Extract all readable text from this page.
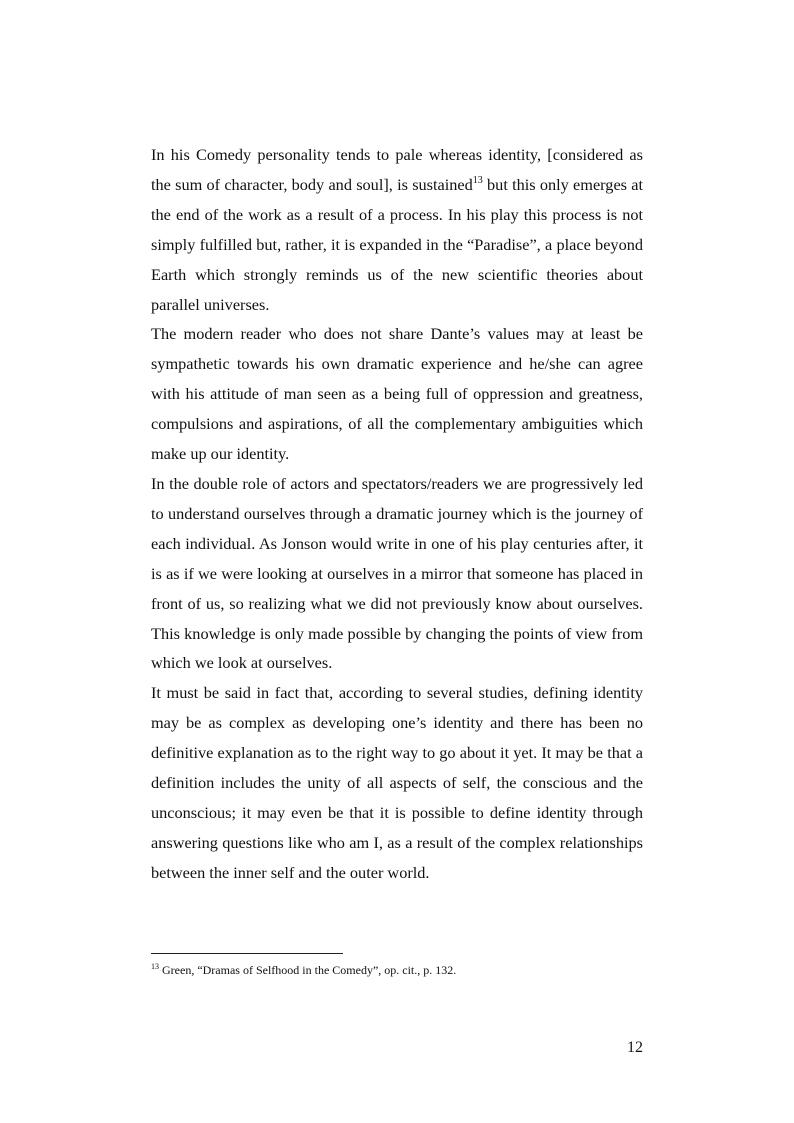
In his Comedy personality tends to pale whereas identity, [considered as the sum of character, body and soul], is sustained$^{13}$ but this only emerges at the end of the work as a result of a process. In his play this process is not simply fulfilled but, rather, it is expanded in the “Paradise”, a place beyond Earth which strongly reminds us of the new scientific theories about parallel universes.

The modern reader who does not share Dante’s values may at least be sympathetic towards his own dramatic experience and he/she can agree with his attitude of man seen as a being full of oppression and greatness, compulsions and aspirations, of all the complementary ambiguities which make up our identity.

In the double role of actors and spectators/readers we are progressively led to understand ourselves through a dramatic journey which is the journey of each individual. As Jonson would write in one of his play centuries after, it is as if we were looking at ourselves in a mirror that someone has placed in front of us, so realizing what we did not previously know about ourselves. This knowledge is only made possible by changing the points of view from which we look at ourselves.

It must be said in fact that, according to several studies, defining identity may be as complex as developing one’s identity and there has been no definitive explanation as to the right way to go about it yet. It may be that a definition includes the unity of all aspects of self, the conscious and the unconscious; it may even be that it is possible to define identity through answering questions like who am I, as a result of the complex relationships between the inner self and the outer world.

$^{13}$ Green, “Dramas of Selfhood in the Comedy”, op. cit., p. 132.
12
